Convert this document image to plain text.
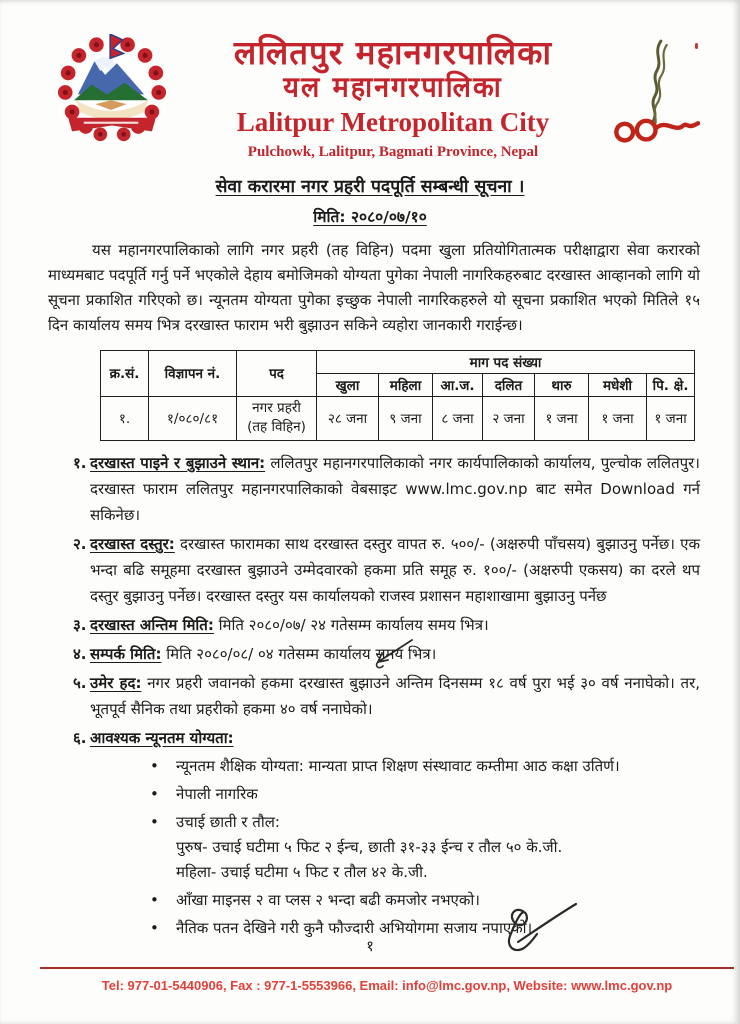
ललितपुर महानगरपालिका
यल महानगरपालिका
Lalitpur Metropolitan City
Pulchowk, Lalitpur, Bagmati Province, Nepal
सेवा करारमा नगर प्रहरी पदपूर्ति सम्बन्धी सूचना ।
मिति: २०८०/०७/१०

यस महानगरपालिकाको लागि नगर प्रहरी (तह विहिन) पदमा खुला प्रतियोगितात्मक परीक्षाद्वारा सेवा करारको माध्यमबाट पदपूर्ति गर्नु पर्ने भएकोले देहाय बमोजिमको योग्यता पुगेका नेपाली नागरिकहरुबाट दरखास्त आव्हानको लागि यो सूचना प्रकाशित गरिएको छ। न्यूनतम योग्यता पुगेका इच्छुक नेपाली नागरिकहरुले यो सूचना प्रकाशित भएको मितिले १५ दिन कार्यालय समय भित्र दरखास्त फाराम भरी बुझाउन सकिने व्यहोरा जानकारी गराईन्छ।

क्र.सं.	विज्ञापन नं.	पद	माग पद संख्या						
			खुला	महिला	आ.ज.	दलित	थारु	मधेशी	पि. क्षे.
१.	१/०८०/८१	नगर प्रहरी
(तह विहिन)	२८ जना	९ जना	८ जना	२ जना	१ जना	१ जना	१ जना
१. दरखास्त पाइने र बुझाउने स्थान: ललितपुर महानगरपालिकाको नगर कार्यपालिकाको कार्यालय, पुल्चोक ललितपुर। दरखास्त फाराम ललितपुर महानगरपालिकाको वेबसाइट www.lmc.gov.np बाट समेत Download गर्न सकिनेछ।
२. दरखास्त दस्तुर: दरखास्त फारामका साथ दरखास्त दस्तुर वापत रु. ५००/- (अक्षरुपी पाँचसय) बुझाउनु पर्नेछ। एक भन्दा बढि समूहमा दरखास्त बुझाउने उम्मेदवारको हकमा प्रति समूह रु. १००/- (अक्षरुपी एकसय) का दरले थप दस्तुर बुझाउनु पर्नेछ। दरखास्त दस्तुर यस कार्यालयको राजस्व प्रशासन महाशाखामा बुझाउनु पर्नेछ
३. दरखास्त अन्तिम मिति: मिति २०८०/०७/ २४ गतेसम्म कार्यालय समय भित्र।
४. सम्पर्क मिति: मिति २०८०/०८/ ०४ गतेसम्म कार्यालय समय भित्र।
५. उमेर हद: नगर प्रहरी जवानको हकमा दरखास्त बुझाउने अन्तिम दिनसम्म १८ वर्ष पुरा भई ३० वर्ष ननाघेको। तर, भूतपूर्व सैनिक तथा प्रहरीको हकमा ४० वर्ष ननाघेको।
६. आवश्यक न्यूनतम योग्यता:
•
न्यूनतम शैक्षिक योग्यता: मान्यता प्राप्त शिक्षण संस्थावाट कम्तीमा आठ कक्षा उतिर्ण।
•
नेपाली नागरिक
•
उचाई छाती र तौल:
पुरुष- उचाई घटीमा ५ फिट २ ईन्च, छाती ३१-३३ ईन्च र तौल ५० के.जी.
महिला- उचाई घटीमा ५ फिट र तौल ४२ के.जी.
•
आँखा माइनस २ वा प्लस २ भन्दा बढी कमजोर नभएको।
•
नैतिक पतन देखिने गरी कुनै फौज्दारी अभियोगमा सजाय नपाएको।
१
Tel: 977-01-5440906, Fax : 977-1-5553966, Email: info@lmc.gov.np, Website: www.lmc.gov.np
